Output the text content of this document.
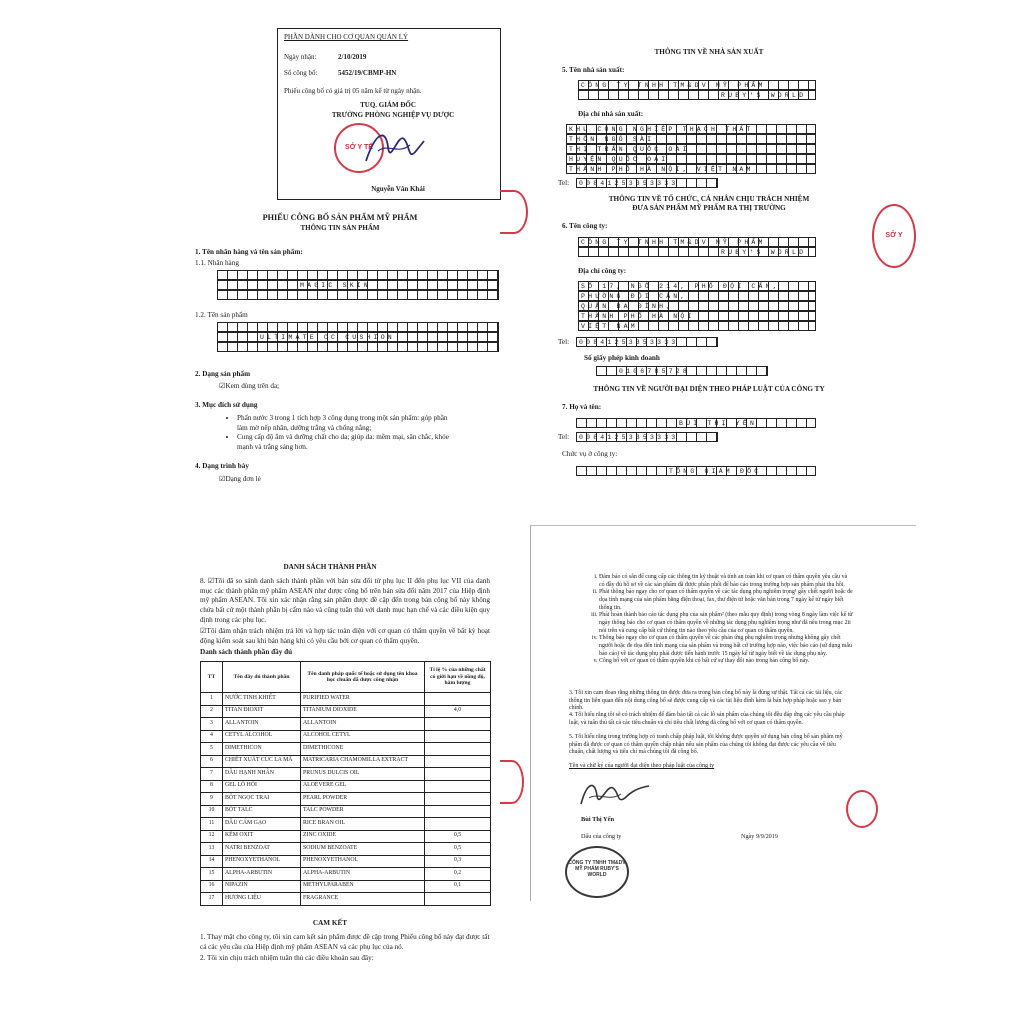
PHẦN DÀNH CHO CƠ QUAN QUẢN LÝ
Ngày nhận:	2/10/2019
Số công bố:	5452/19/CBMP-HN
Phiếu công bố có giá trị 05 năm kể từ ngày nhận.
TUQ. GIÁM ĐỐC
TRƯỞNG PHÒNG NGHIỆP VỤ DƯỢC
SỞ Y TẾ
Nguyễn Văn Khải
PHIẾU CÔNG BỐ SẢN PHẨM MỸ PHẨM
THÔNG TIN SẢN PHẨM
1. Tên nhãn hàng và tên sản phẩm:
1.1. Nhãn hàng
MAGIC SKIN
1.2. Tên sản phẩm
ULTIMATE CC CUSHION
2. Dạng sản phẩm
☑Kem dùng trên da;
3. Mục đích sử dụng
• Phấn nước 3 trong 1 tích hợp 3 công dụng trong một sản phẩm: góp phần làm mờ nếp nhăn, dưỡng trắng và chống nắng;
• Cung cấp độ ẩm và dưỡng chất cho da; giúp da: mềm mại, săn chắc, khỏe mạnh và trắng sáng hơn.
4. Dạng trình bày
☑Dạng đơn lẻ
THÔNG TIN VỀ NHÀ SẢN XUẤT
5. Tên nhà sản xuất:
CÔNG TY TNHH TM&DV MỸ PHẨM
RUBY'S WORLD
Địa chỉ nhà sản xuất:
KHU CÔNG NGHIỆP THẠCH THẤT
THÔN NGÔ SÀI
THỊ TRẤN QUỐC OAI
HUYỆN QUỐC OAI
THÀNH PHỐ HÀ NỘI, VIỆT NAM
Tel:	00841253353333
THÔNG TIN VỀ TỔ CHỨC, CÁ NHÂN CHỊU TRÁCH NHIỆM
ĐƯA SẢN PHẨM MỸ PHẨM RA THỊ TRƯỜNG
6. Tên công ty:
CÔNG TY TNHH TM&DV MỸ PHẨM
RUBY'S WORLD
Địa chỉ công ty:
SỐ 17, NGÕ 214, PHỐ ĐỘI CẤN,
PHƯỜNG ĐỘI CẤN,
QUẬN BA ĐÌNH,
THÀNH PHỐ HÀ NỘI
VIỆT NAM
Tel:	00841253353333
Số giấy phép kinh doanh
0106785728
THÔNG TIN VỀ NGƯỜI ĐẠI DIỆN THEO PHÁP LUẬT CỦA CÔNG TY
7. Họ và tên:
BÙI THỊ YẾN
Tel:	00841253353333
Chức vụ ở công ty:
TỔNG GIÁM ĐỐC
SỞ Y
DANH SÁCH THÀNH PHẦN
8. ☑Tôi đã so sánh danh sách thành phần với bản sửa đổi từ phụ lục II đến phụ lục VII của danh mục các thành phần mỹ phẩm ASEAN như được công bố trên bản sửa đổi năm 2017 của Hiệp định mỹ phẩm ASEAN. Tôi xin xác nhận rằng sản phẩm được đề cập đến trong bản công bố này không chứa bất cứ một thành phần bị cấm nào và cũng tuân thủ với danh mục hạn chế và các điều kiện quy định trong các phụ lục.
☑Tôi đảm nhận trách nhiệm trả lời và hợp tác toàn diện với cơ quan có thẩm quyền về bất kỳ hoạt động kiểm soát sau khi bán hàng khi có yêu cầu bởi cơ quan có thẩm quyền.
Danh sách thành phần đầy đủ
TT	Tên đầy đủ thành phần	Tên danh pháp quốc tế hoặc sử dụng tên khoa học chuẩn đã được công nhận	Tỉ lệ % của những chất có giới hạn về nồng độ, hàm lượng
1	NƯỚC TINH KHIẾT	PURIFIED WATER	
2	TITAN ĐIOXIT	TITANIUM DIOXIDE	4,0
3	ALLANTOIN	ALLANTOIN	
4	CETYL ALCOHOL	ALCOHOL CETYL	
5	DIMETHICON	DIMETHICONE	
6	CHIẾT XUẤT CÚC LA MÃ	MATRICARIA CHAMOMILLA EXTRACT	
7	DẦU HẠNH NHÂN	PRUNUS DULCIS OIL	
8	GEL LÔ HỘI	ALOEVERE GEL	
9	BỘT NGỌC TRAI	PEARL POWDER	
10	BỘT TALC	TALC POWDER	
11	DẦU CÁM GẠO	RICE BRAN OIL	
12	KẼM OXIT	ZINC OXIDE	0,5
13	NATRI BENZOAT	SODIUM BENZOATE	0,5
14	PHENOXYETHANOL	PHENOXYETHANOL	0,3
15	ALPHA-ARBUTIN	ALPHA-ARBUTIN	0,2
16	NIPAZIN	METHYLPARABEN	0,1
17	HƯƠNG LIỆU	FRAGRANCE	
CAM KẾT
1. Thay mặt cho công ty, tôi xin cam kết sản phẩm được đề cập trong Phiếu công bố này đạt được tất cả các yêu cầu của Hiệp định mỹ phẩm ASEAN và các phụ lục của nó.
2. Tôi xin chịu trách nhiệm tuân thủ các điều khoản sau đây:
i. Đảm bảo có sẵn để cung cấp các thông tin kỹ thuật và tính an toàn khi cơ quan có thẩm quyền yêu cầu và có đầy đủ hồ sơ về các sản phẩm đã được phân phối để báo cáo trong trường hợp sản phẩm phải thu hồi.
ii. Phải thông báo ngay cho cơ quan có thẩm quyền về các tác dụng phụ nghiêm trọng¹ gây chết người hoặc đe dọa tính mạng của sản phẩm bằng điện thoại, fax, thư điện tử hoặc văn bản trong 7 ngày kể từ ngày biết thông tin.
iii. Phải hoàn thành báo cáo tác dụng phụ của sản phẩm² (theo mẫu quy định) trong vòng 8 ngày làm việc kể từ ngày thông báo cho cơ quan có thẩm quyền về những tác dụng phụ nghiêm trọng như đã nêu trong mục 2ii nói trên và cung cấp bất cứ thông tin nào theo yêu cầu của cơ quan có thẩm quyền.
iv. Thông báo ngay cho cơ quan có thẩm quyền về các phản ứng phụ nghiêm trọng nhưng không gây chết người hoặc đe dọa đến tính mạng của sản phẩm và trong bất cứ trường hợp nào, việc báo cáo (sử dụng mẫu báo cáo) về tác dụng phụ phải được tiến hành trước 15 ngày kể từ ngày biết về tác dụng phụ này.
v. Công bố với cơ quan có thẩm quyền khi có bất cứ sự thay đổi nào trong bản công bố này.
3. Tôi xin cam đoan rằng những thông tin được đưa ra trong bản công bố này là đúng sự thật. Tất cả các tài liệu, các thông tin liên quan đến nội dung công bố sẽ được cung cấp và các tài liệu đính kèm là bản hợp pháp hoặc sao y bản chính.
4. Tôi hiểu rằng tôi sẽ có trách nhiệm để đảm bảo tất cả các lô sản phẩm của chúng tôi đều đáp ứng các yêu cầu pháp luật, và tuân thủ tất cả các tiêu chuẩn và chỉ tiêu chất lượng đã công bố với cơ quan có thẩm quyền.
5. Tôi hiểu rằng trong trường hợp có tranh chấp pháp luật, tôi không được quyền sử dụng bản công bố sản phẩm mỹ phẩm đã được cơ quan có thẩm quyền chấp nhận nếu sản phẩm của chúng tôi không đạt được các yêu cầu về tiêu chuẩn, chất lượng và tiêu chí mà chúng tôi đã công bố.
Tên và chữ ký của người đại diện theo pháp luật của công ty
Bùi Thị Yến
Dấu của công ty	Ngày 9/9/2019
CÔNG TY TNHH TM&DV MỸ PHẨM RUBY'S WORLD
